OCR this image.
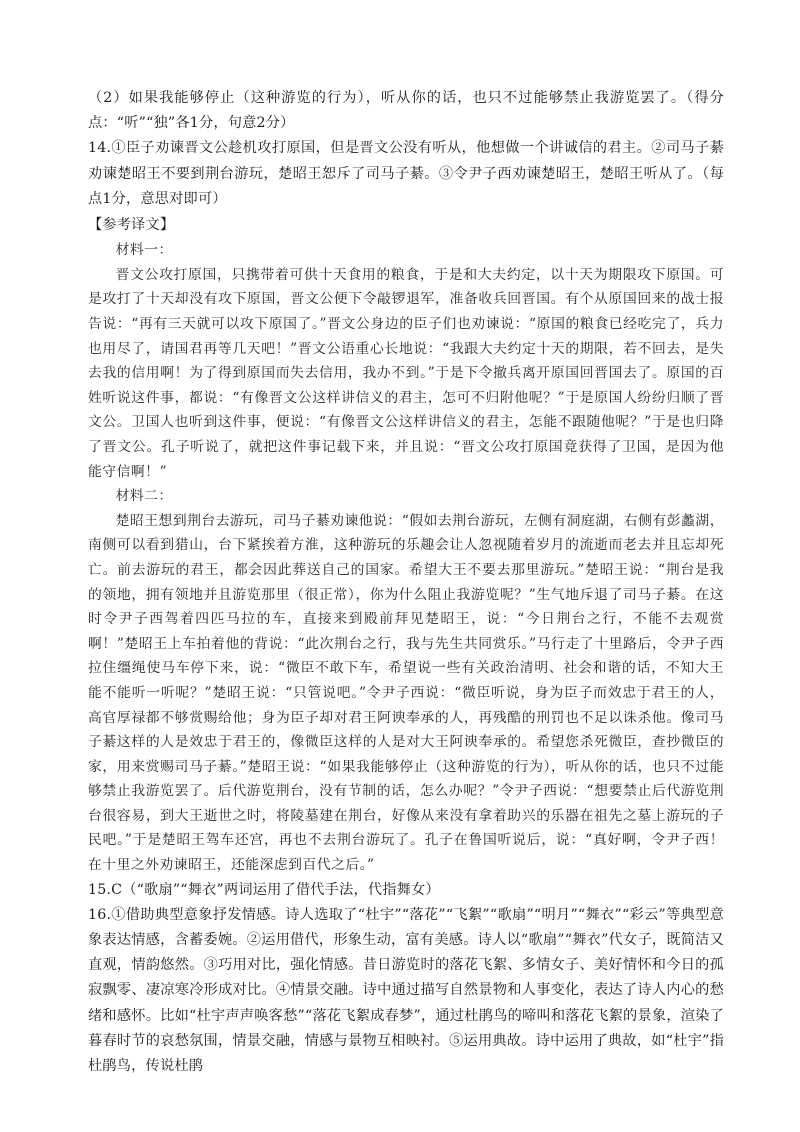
（2）如果我能够停止（这种游览的行为），听从你的话，也只不过能够禁止我游览罢了。（得分点：“听”“独”各1分，句意2分）

14.①臣子劝谏晋文公趁机攻打原国，但是晋文公没有听从，他想做一个讲诚信的君主。②司马子綦劝谏楚昭王不要到荆台游玩，楚昭王恕斥了司马子綦。③令尹子西劝谏楚昭王，楚昭王听从了。（每点1分，意思对即可）

【参考译文】

材料一：

晋文公攻打原国，只携带着可供十天食用的粮食，于是和大夫约定，以十天为期限攻下原国。可是攻打了十天却没有攻下原国，晋文公便下令敲锣退军，准备收兵回晋国。有个从原国回来的战士报告说：“再有三天就可以攻下原国了。”晋文公身边的臣子们也劝谏说：“原国的粮食已经吃完了，兵力也用尽了，请国君再等几天吧！”晋文公语重心长地说：“我跟大夫约定十天的期限，若不回去，是失去我的信用啊！为了得到原国而失去信用，我办不到。”于是下令撤兵离开原国回晋国去了。原国的百姓听说这件事，都说：“有像晋文公这样讲信义的君主，怎可不归附他呢？”于是原国人纷纷归顺了晋文公。卫国人也听到这件事，便说：“有像晋文公这样讲信义的君主，怎能不跟随他呢？”于是也归降了晋文公。孔子听说了，就把这件事记载下来，并且说：“晋文公攻打原国竟获得了卫国，是因为他能守信啊！”

材料二：

楚昭王想到荆台去游玩，司马子綦劝谏他说：“假如去荆台游玩，左侧有洞庭湖，右侧有彭蠡湖，南侧可以看到猎山，台下紧挨着方淮，这种游玩的乐趣会让人忽视随着岁月的流逝而老去并且忘却死亡。前去游玩的君王，都会因此葬送自己的国家。希望大王不要去那里游玩。”楚昭王说：“荆台是我的领地，拥有领地并且游览那里（很正常），你为什么阻止我游览呢？”生气地斥退了司马子綦。在这时令尹子西驾着四匹马拉的车，直接来到殿前拜见楚昭王，说：“今日荆台之行，不能不去观赏啊！”楚昭王上车拍着他的背说：“此次荆台之行，我与先生共同赏乐。”马行走了十里路后，令尹子西拉住缰绳使马车停下来，说：“微臣不敢下车，希望说一些有关政治清明、社会和谐的话，不知大王能不能听一听呢？”楚昭王说：“只管说吧。”令尹子西说：“微臣听说，身为臣子而效忠于君王的人，高官厚禄都不够赏赐给他；身为臣子却对君王阿谀奉承的人，再残酷的刑罚也不足以诛杀他。像司马子綦这样的人是效忠于君王的，像微臣这样的人是对大王阿谀奉承的。希望您杀死微臣，查抄微臣的家，用来赏赐司马子綦。”楚昭王说：“如果我能够停止（这种游览的行为），听从你的话，也只不过能够禁止我游览罢了。后代游览荆台，没有节制的话，怎么办呢？”令尹子西说：“想要禁止后代游览荆台很容易，到大王逝世之时，将陵墓建在荆台，好像从来没有拿着助兴的乐器在祖先之墓上游玩的子民吧。”于是楚昭王驾车还宫，再也不去荆台游玩了。孔子在鲁国听说后，说：“真好啊，令尹子西！在十里之外劝谏昭王，还能深虑到百代之后。”

15.C（“歌扇”“舞衣”两词运用了借代手法，代指舞女）

16.①借助典型意象抒发情感。诗人选取了“杜宇”“落花”“飞絮”“歌扇”“明月”“舞衣”“彩云”等典型意象表达情感，含蓄委婉。②运用借代，形象生动，富有美感。诗人以“歌扇”“舞衣”代女子，既简洁又直观，情韵悠然。③巧用对比，强化情感。昔日游览时的落花飞絮、多情女子、美好情怀和今日的孤寂飘零、凄凉寒冷形成对比。④情景交融。诗中通过描写自然景物和人事变化，表达了诗人内心的愁绪和感怀。比如“杜宇声声唤客愁”“落花飞絮成春梦”，通过杜鹃鸟的啼叫和落花飞絮的景象，渲染了暮春时节的哀愁氛围，情景交融，情感与景物互相映衬。⑤运用典故。诗中运用了典故，如“杜宇”指杜鹃鸟，传说杜鹃
